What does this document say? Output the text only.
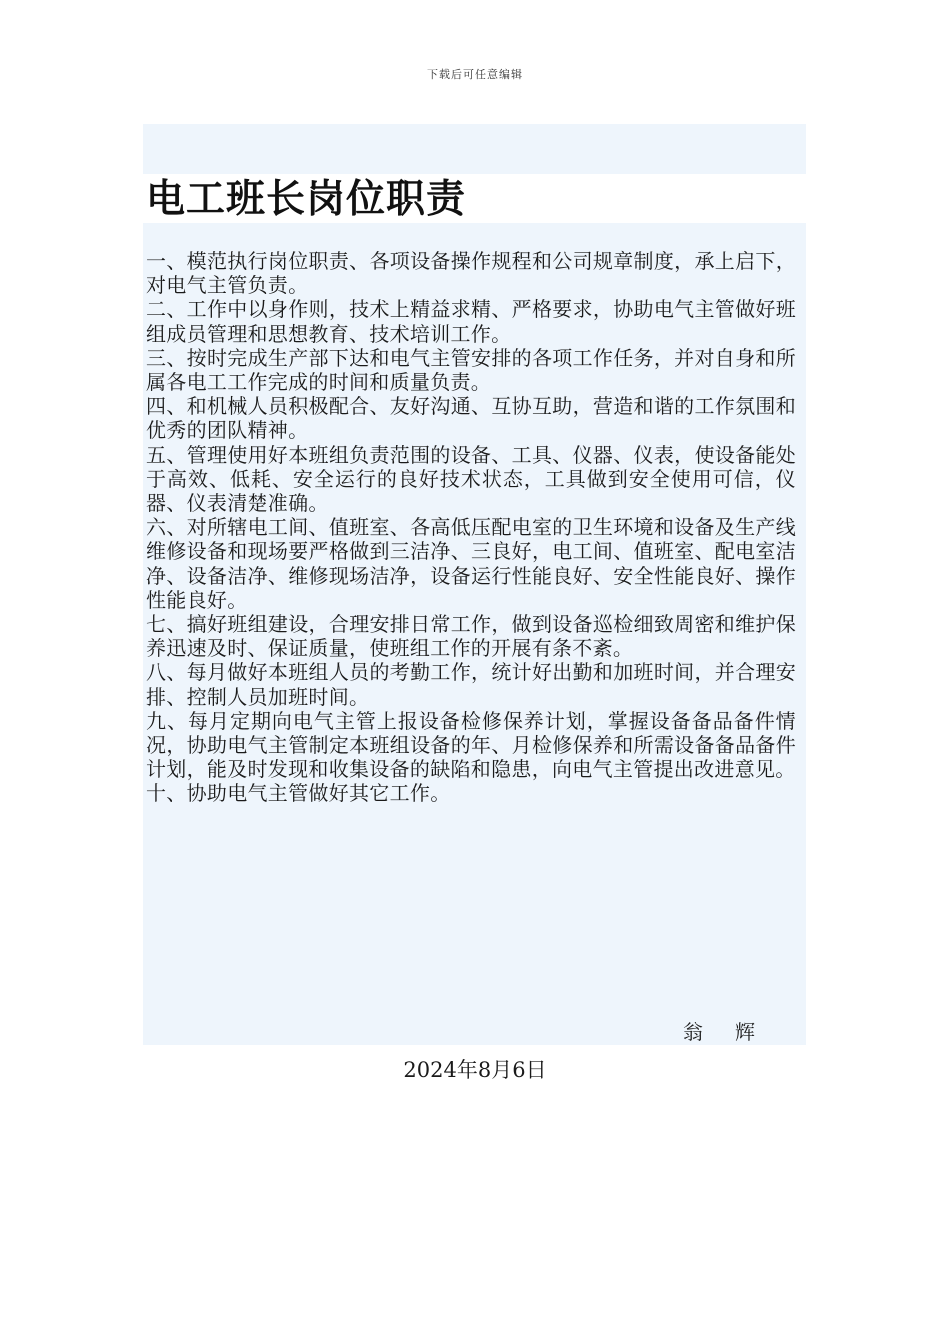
下载后可任意编辑
电工班长岗位职责
一、模范执行岗位职责、各项设备操作规程和公司规章制度，承上启下，对电气主管负责。
二、工作中以身作则，技术上精益求精、严格要求，协助电气主管做好班组成员管理和思想教育、技术培训工作。
三、按时完成生产部下达和电气主管安排的各项工作任务，并对自身和所属各电工工作完成的时间和质量负责。
四、和机械人员积极配合、友好沟通、互协互助，营造和谐的工作氛围和优秀的团队精神。
五、管理使用好本班组负责范围的设备、工具、仪器、仪表，使设备能处于高效、低耗、安全运行的良好技术状态，工具做到安全使用可信，仪器、仪表清楚准确。
六、对所辖电工间、值班室、各高低压配电室的卫生环境和设备及生产线维修设备和现场要严格做到三洁净、三良好，电工间、值班室、配电室洁净、设备洁净、维修现场洁净，设备运行性能良好、安全性能良好、操作性能良好。
七、搞好班组建设，合理安排日常工作，做到设备巡检细致周密和维护保养迅速及时、保证质量，使班组工作的开展有条不紊。
八、每月做好本班组人员的考勤工作，统计好出勤和加班时间，并合理安排、控制人员加班时间。
九、每月定期向电气主管上报设备检修保养计划，掌握设备备品备件情况，协助电气主管制定本班组设备的年、月检修保养和所需设备备品备件计划，能及时发现和收集设备的缺陷和隐患，向电气主管提出改进意见。
十、协助电气主管做好其它工作。
翁辉
2024年8月6日
